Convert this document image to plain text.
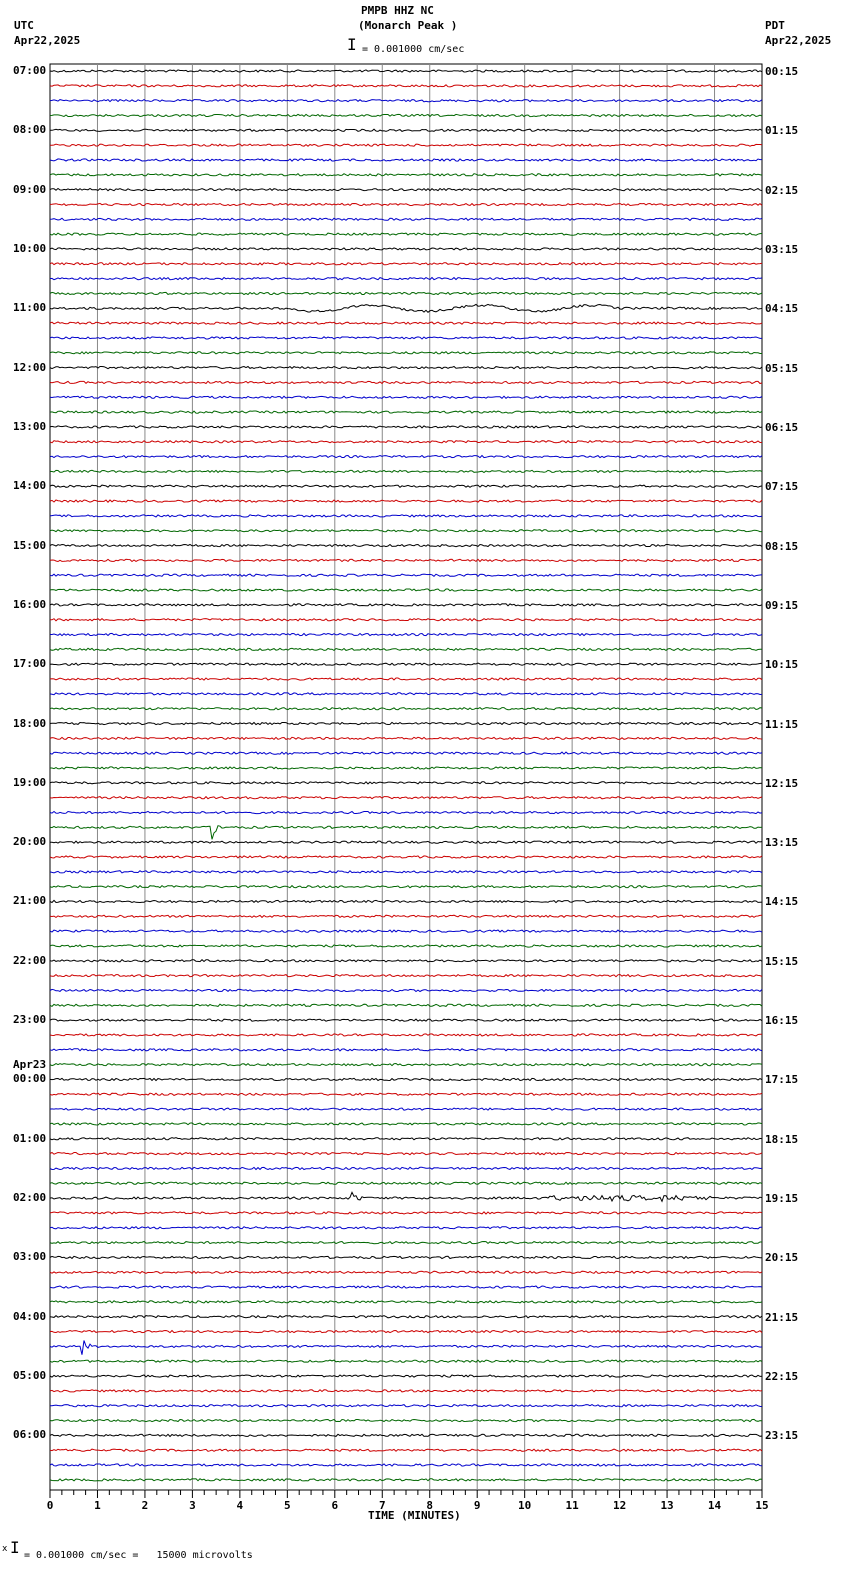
PMPB HHZ NC
(Monarch Peak )
I = 0.001000 cm/sec
UTC
Apr22,2025
PDT
Apr22,2025
0	1	2	3	4	5	6	7	8	9	10	11	12	13	14	15
07:00
08:00
09:00
10:00
11:00
12:00
13:00
14:00
15:00
16:00
17:00
18:00
19:00
20:00
21:00
22:00
23:00
Apr23
00:00
01:00
02:00
03:00
04:00
05:00
06:00
00:15
01:15
02:15
03:15
04:15
05:15
06:15
07:15
08:15
09:15
10:15
11:15
12:15
13:15
14:15
15:15
16:15
17:15
18:15
19:15
20:15
21:15
22:15
23:15
TIME (MINUTES)
x I = 0.001000 cm/sec =   15000 microvolts
